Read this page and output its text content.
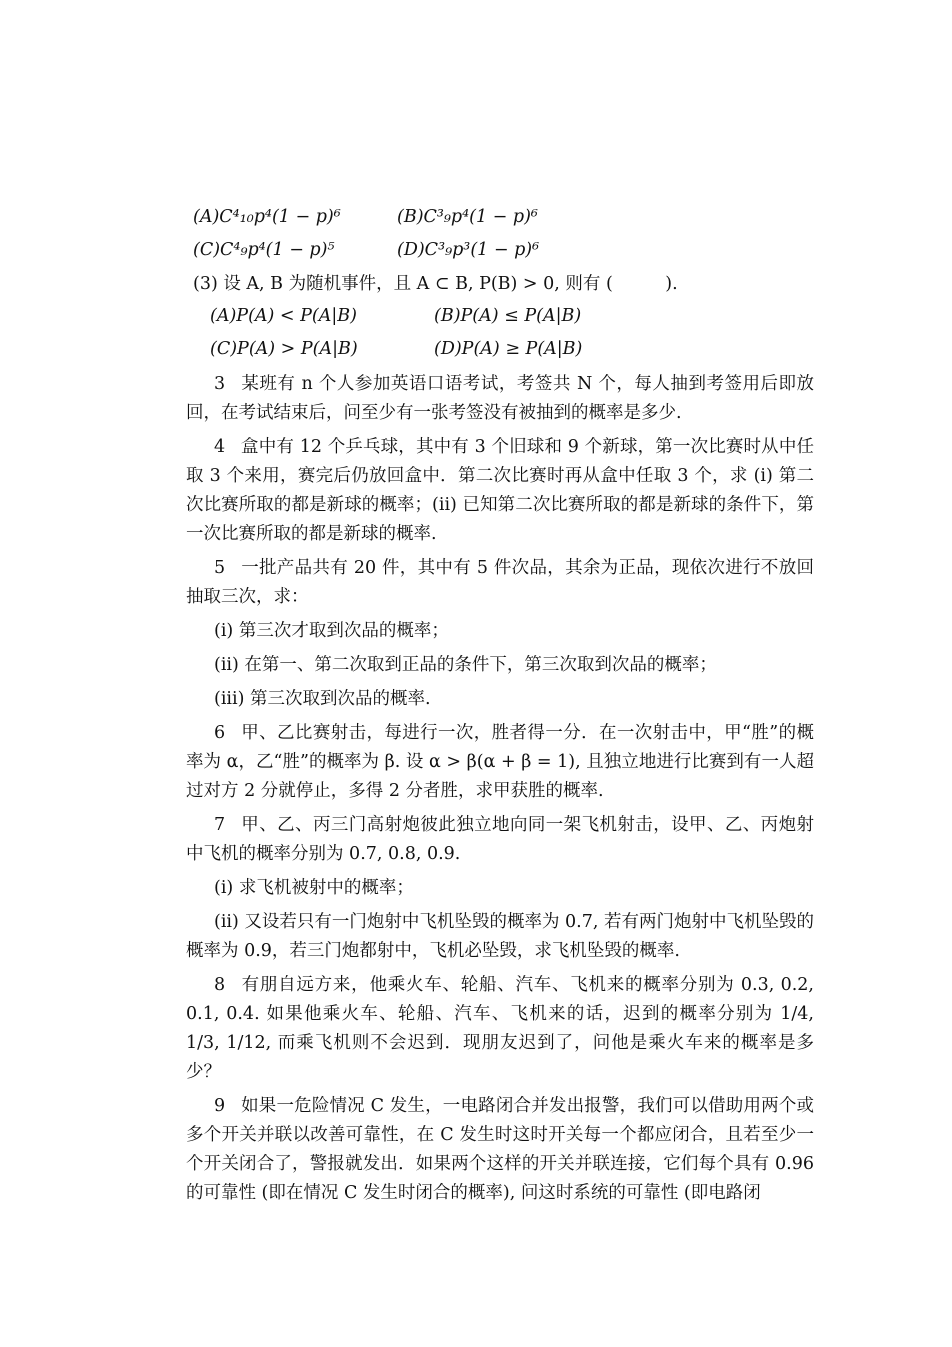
(A)C⁴₁₀p⁴(1 − p)⁶	(B)C³₉p⁴(1 − p)⁶
(C)C⁴₉p⁴(1 − p)⁵	(D)C³₉p³(1 − p)⁶
(3) 设 A, B 为随机事件，且 A ⊂ B, P(B) > 0, 则有 (   ).
(A)P(A) < P(A|B)	(B)P(A) ≤ P(A|B)
(C)P(A) > P(A|B)	(D)P(A) ≥ P(A|B)

3 某班有 n 个人参加英语口语考试，考签共 N 个，每人抽到考签用后即放回，在考试结束后，问至少有一张考签没有被抽到的概率是多少.

4 盒中有 12 个乒乓球，其中有 3 个旧球和 9 个新球，第一次比赛时从中任取 3 个来用，赛完后仍放回盒中．第二次比赛时再从盒中任取 3 个，求 (i) 第二次比赛所取的都是新球的概率；(ii) 已知第二次比赛所取的都是新球的条件下，第一次比赛所取的都是新球的概率.

5 一批产品共有 20 件，其中有 5 件次品，其余为正品，现依次进行不放回抽取三次，求：

(i) 第三次才取到次品的概率；

(ii) 在第一、第二次取到正品的条件下，第三次取到次品的概率；

(iii) 第三次取到次品的概率.

6 甲、乙比赛射击，每进行一次，胜者得一分．在一次射击中，甲“胜”的概率为 α，乙“胜”的概率为 β. 设 α > β(α + β = 1), 且独立地进行比赛到有一人超过对方 2 分就停止，多得 2 分者胜，求甲获胜的概率.

7 甲、乙、丙三门高射炮彼此独立地向同一架飞机射击，设甲、乙、丙炮射中飞机的概率分别为 0.7, 0.8, 0.9.

(i) 求飞机被射中的概率；

(ii) 又设若只有一门炮射中飞机坠毁的概率为 0.7, 若有两门炮射中飞机坠毁的概率为 0.9，若三门炮都射中，飞机必坠毁，求飞机坠毁的概率.

8 有朋自远方来，他乘火车、轮船、汽车、飞机来的概率分别为 0.3, 0.2, 0.1, 0.4. 如果他乘火车、轮船、汽车、飞机来的话，迟到的概率分别为 1/4, 1/3, 1/12, 而乘飞机则不会迟到．现朋友迟到了，问他是乘火车来的概率是多少？

9 如果一危险情况 C 发生，一电路闭合并发出报警，我们可以借助用两个或多个开关并联以改善可靠性，在 C 发生时这时开关每一个都应闭合，且若至少一个开关闭合了，警报就发出．如果两个这样的开关并联连接，它们每个具有 0.96 的可靠性 (即在情况 C 发生时闭合的概率), 问这时系统的可靠性 (即电路闭
